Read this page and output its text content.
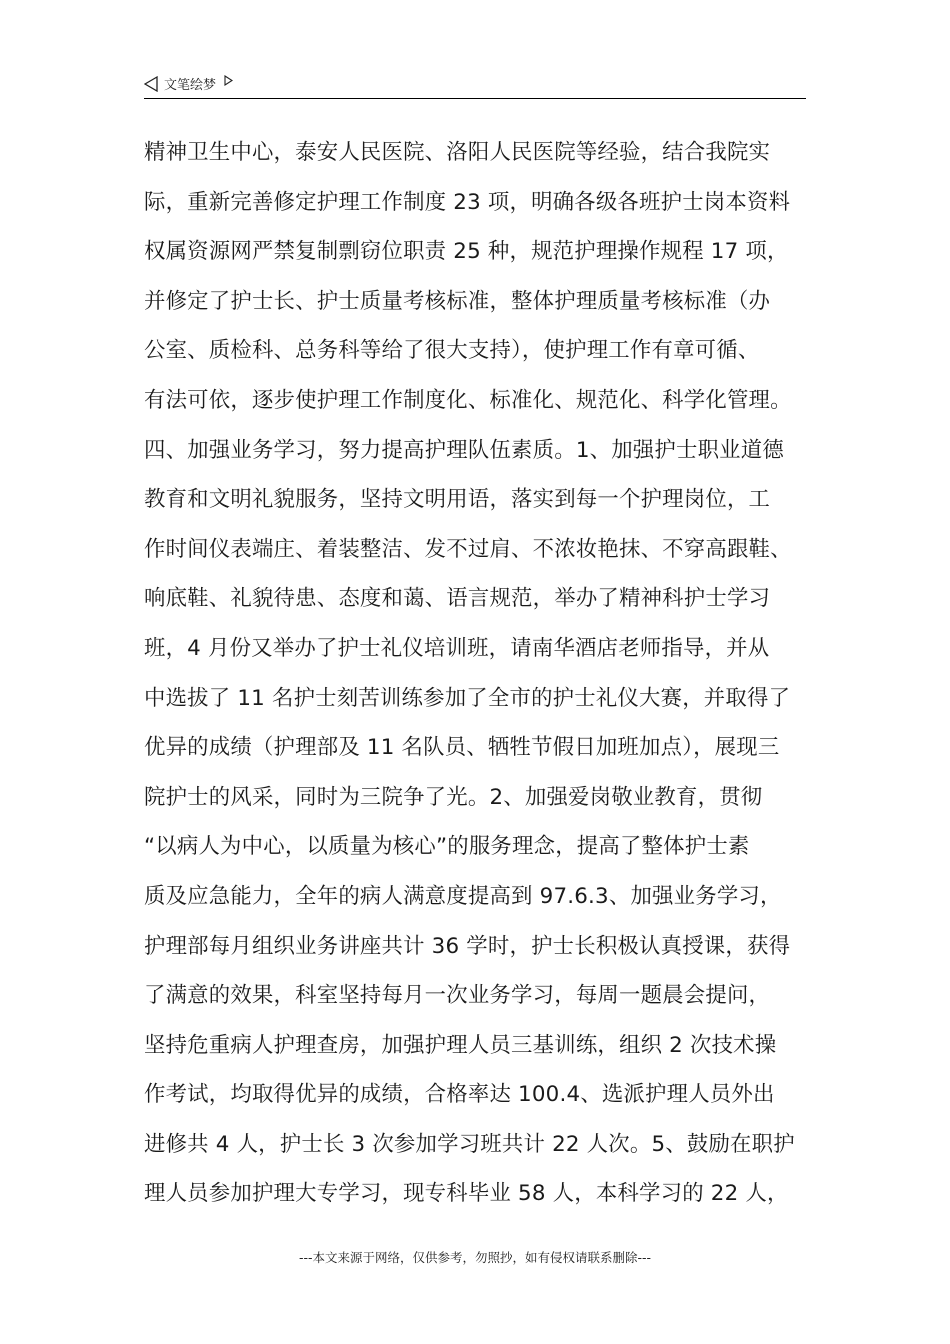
文笔绘梦
精神卫生中心，泰安人民医院、洛阳人民医院等经验，结合我院实
际，重新完善修定护理工作制度 23 项，明确各级各班护士岗本资料
权属资源网严禁复制剽窃位职责 25 种，规范护理操作规程 17 项，
并修定了护士长、护士质量考核标准，整体护理质量考核标准（办
公室、质检科、总务科等给了很大支持），使护理工作有章可循、
有法可依，逐步使护理工作制度化、标准化、规范化、科学化管理。
四、加强业务学习，努力提高护理队伍素质。1、加强护士职业道德
教育和文明礼貌服务，坚持文明用语，落实到每一个护理岗位，工
作时间仪表端庄、着装整洁、发不过肩、不浓妆艳抹、不穿高跟鞋、
响底鞋、礼貌待患、态度和蔼、语言规范，举办了精神科护士学习
班，4 月份又举办了护士礼仪培训班，请南华酒店老师指导，并从
中选拔了 11 名护士刻苦训练参加了全市的护士礼仪大赛，并取得了
优异的成绩（护理部及 11 名队员、牺牲节假日加班加点），展现三
院护士的风采，同时为三院争了光。2、加强爱岗敬业教育，贯彻
“以病人为中心，以质量为核心”的服务理念，提高了整体护士素
质及应急能力，全年的病人满意度提高到 97.6.3、加强业务学习，
护理部每月组织业务讲座共计 36 学时，护士长积极认真授课，获得
了满意的效果，科室坚持每月一次业务学习，每周一题晨会提问，
坚持危重病人护理查房，加强护理人员三基训练，组织 2 次技术操
作考试，均取得优异的成绩，合格率达 100.4、选派护理人员外出
进修共 4 人，护士长 3 次参加学习班共计 22 人次。5、鼓励在职护
理人员参加护理大专学习，现专科毕业 58 人，本科学习的 22 人，
---本文来源于网络，仅供参考，勿照抄，如有侵权请联系删除---
